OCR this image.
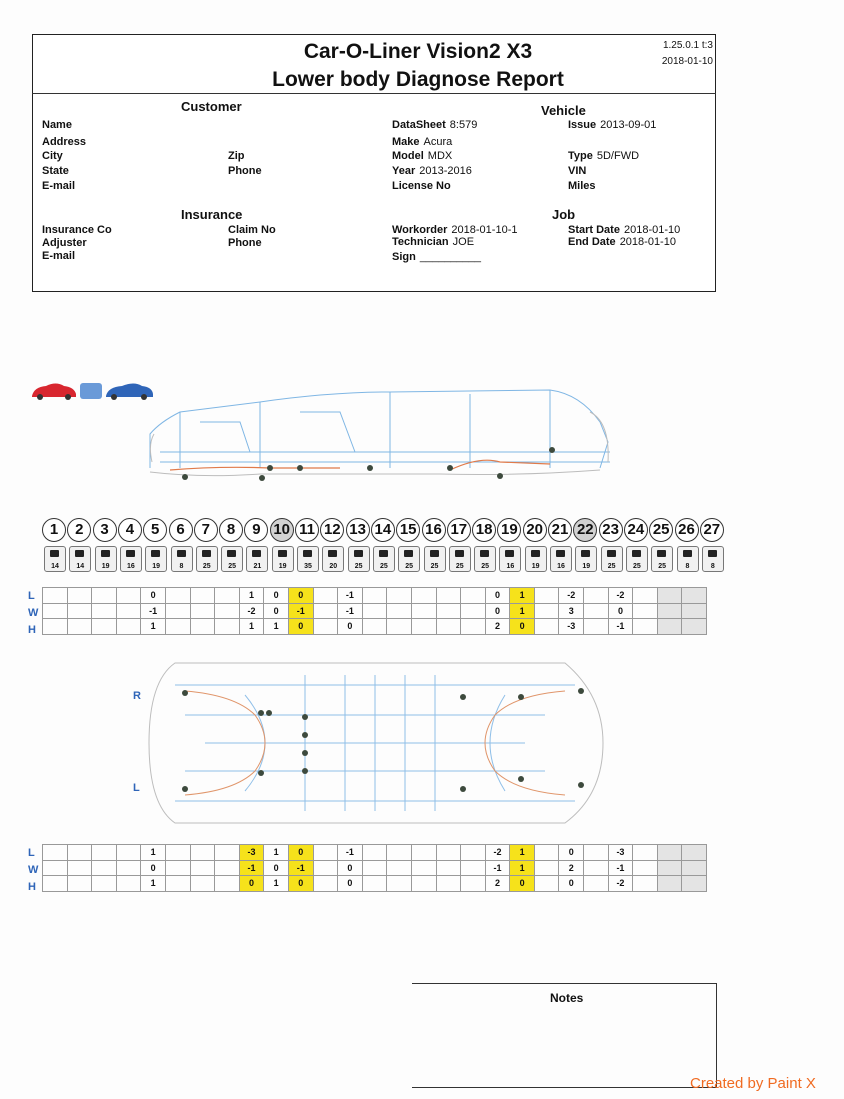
Car-O-Liner Vision2 X3
Lower body Diagnose Report
1.25.0.1 t:3
2018-01-10
Customer
Name
Address
City	Zip
State	Phone
E-mail
Vehicle
DataSheet 8:579	Issue 2013-09-01
Make Acura
Model MDX	Type 5D/FWD
Year 2013-2016	VIN
License No	Miles
Insurance
Insurance Co	Claim No
Adjuster	Phone
E-mail
Job
Workorder 2018-01-10-1
Technician JOE
Sign __________
Start Date 2018-01-10
End Date 2018-01-10
1	2	3	4	5	6	7	8	9 10 11 12 13 14 15 16 17 18 19 20 21 22 23 24 25 26 27
14	14	19	16	19	8	25	25	21	19	35	20	25	25	25	25	25	25	16	19	16	19	25	25	25	8	8
L
W
H
				0				1	0	0		-1						0	1		-2		-2			
				-1				-2	0	-1		-1						0	1		3		0			
				1				1	1	0		0						2	0		-3		-1			
R
L
L
W
H
				1				-3	1	0		-1						-2	1		0		-3			
				0				-1	0	-1		0						-1	1		2		-1			
				1				0	1	0		0						2	0		0		-2			
Notes
Created by Paint X
